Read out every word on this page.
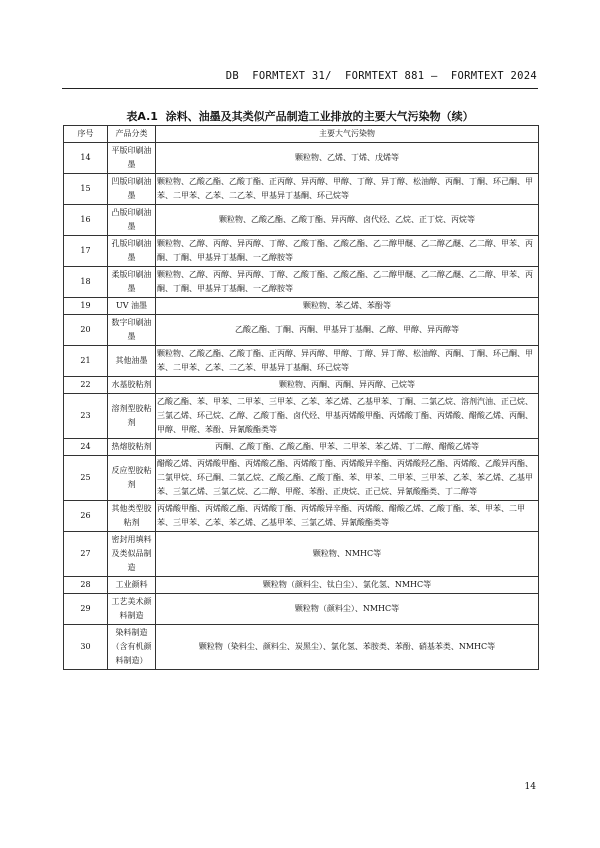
DB  FORMTEXT 31/  FORMTEXT 881 —  FORMTEXT 2024
表A.1  涂料、油墨及其类似产品制造工业排放的主要大气污染物（续）
序号	产品分类	主要大气污染物
14	平版印刷油墨	颗粒物、乙烯、丁烯、戊烯等
15	凹版印刷油墨	颗粒物、乙酸乙酯、乙酸丁酯、正丙醇、异丙醇、甲醇、丁醇、异丁醇、松油醇、丙酮、丁酮、环己酮、甲苯、二甲苯、乙苯、二乙苯、甲基异丁基酮、环己烷等
16	凸版印刷油墨	颗粒物、乙酸乙酯、乙酸丁酯、异丙醇、卤代烃、乙烷、正丁烷、丙烷等
17	孔版印刷油墨	颗粒物、乙醇、丙醇、异丙醇、丁醇、乙酸丁酯、乙酸乙酯、乙二醇甲醚、乙二醇乙醚、乙二醇、甲苯、丙酮、丁酮、甲基异丁基酮、一乙醇胺等
18	柔版印刷油墨	颗粒物、乙醇、丙醇、异丙醇、丁醇、乙酸丁酯、乙酸乙酯、乙二醇甲醚、乙二醇乙醚、乙二醇、甲苯、丙酮、丁酮、甲基异丁基酮、一乙醇胺等
19	UV 油墨	颗粒物、苯乙烯、苯酚等
20	数字印刷油墨	乙酸乙酯、丁酮、丙酮、甲基异丁基酮、乙醇、甲醇、异丙醇等
21	其他油墨	颗粒物、乙酸乙酯、乙酸丁酯、正丙醇、异丙醇、甲醇、丁醇、异丁醇、松油醇、丙酮、丁酮、环己酮、甲苯、二甲苯、乙苯、二乙苯、甲基异丁基酮、环己烷等
22	水基胶粘剂	颗粒物、丙酮、丙酮、异丙醇、己烷等
23	溶剂型胶粘剂	乙酸乙酯、苯、甲苯、二甲苯、三甲苯、乙苯、苯乙烯、乙基甲苯、丁酮、二氯乙烷、溶剂汽油、正己烷、三氯乙烯、环己烷、乙醇、乙酸丁酯、卤代烃、甲基丙烯酸甲酯、丙烯酸丁酯、丙烯酸、醋酸乙烯、丙酮、甲醇、甲醛、苯酚、异氰酸酯类等
24	热熔胶粘剂	丙酮、乙酸丁酯、乙酸乙酯、甲苯、二甲苯、苯乙烯、丁二醇、醋酸乙烯等
25	反应型胶粘剂	醋酸乙烯、丙烯酸甲酯、丙烯酸乙酯、丙烯酸丁酯、丙烯酸异辛酯、丙烯酸羟乙酯、丙烯酸、乙酸异丙酯、二氯甲烷、环己酮、二氯乙烷、乙酸乙酯、乙酸丁酯、苯、甲苯、二甲苯、三甲苯、乙苯、苯乙烯、乙基甲苯、三氯乙烯、三氯乙烷、乙二醇、甲醛、苯酚、正庚烷、正己烷、异氰酸酯类、丁二醇等
26	其他类型胶粘剂	丙烯酸甲酯、丙烯酸乙酯、丙烯酸丁酯、丙烯酸异辛酯、丙烯酸、醋酸乙烯、乙酸丁酯、苯、甲苯、二甲苯、三甲苯、乙苯、苯乙烯、乙基甲苯、三氯乙烯、异氰酸酯类等
27	密封用填料及类似品制造	颗粒物、NMHC等
28	工业颜料	颗粒物（颜料尘、钛白尘）、氯化氢、NMHC等
29	工艺美术颜料制造	颗粒物（颜料尘）、NMHC等
30	染料制造（含有机颜料制造）	颗粒物（染料尘、颜料尘、炭黑尘）、氯化氢、苯胺类、苯酚、硝基苯类、NMHC等
14
